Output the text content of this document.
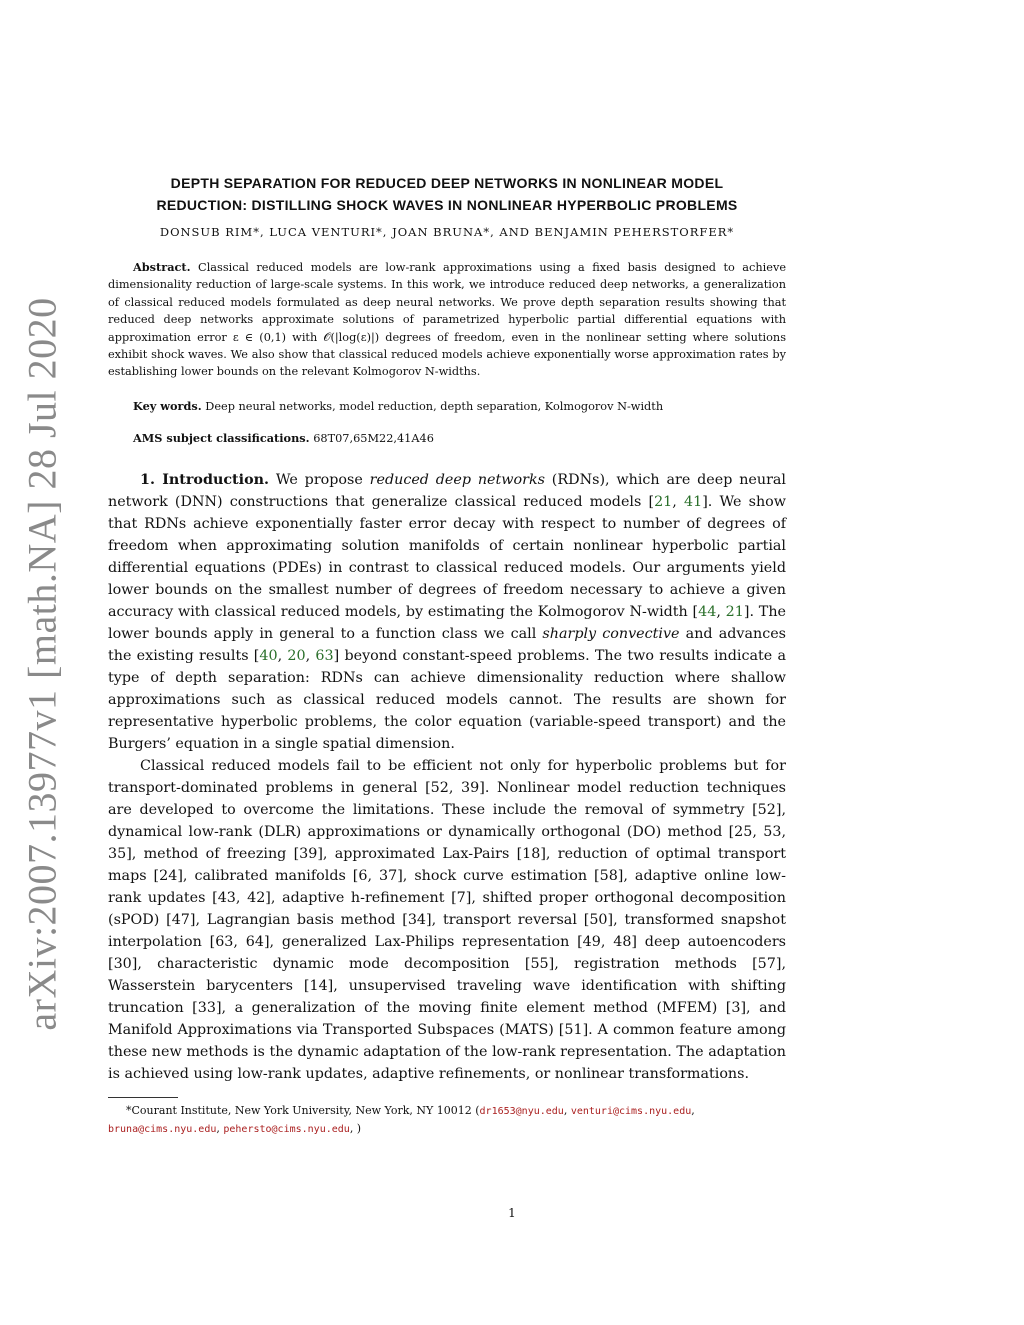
arXiv:2007.13977v1 [math.NA] 28 Jul 2020

DEPTH SEPARATION FOR REDUCED DEEP NETWORKS IN NONLINEAR MODEL
REDUCTION: DISTILLING SHOCK WAVES IN NONLINEAR HYPERBOLIC PROBLEMS

DONSUB RIM*, LUCA VENTURI*, JOAN BRUNA*, AND BENJAMIN PEHERSTORFER*
Abstract. Classical reduced models are low-rank approximations using a fixed basis designed to achieve dimensionality reduction of large-scale systems. In this work, we introduce reduced deep networks, a generalization of classical reduced models formulated as deep neural networks. We prove depth separation results showing that reduced deep networks approximate solutions of parametrized hyperbolic partial differential equations with approximation error ε ∈ (0,1) with 𝒪(|log(ε)|) degrees of freedom, even in the nonlinear setting where solutions exhibit shock waves. We also show that classical reduced models achieve exponentially worse approximation rates by establishing lower bounds on the relevant Kolmogorov N-widths.
Key words. Deep neural networks, model reduction, depth separation, Kolmogorov N-width
AMS subject classifications. 68T07,65M22,41A46

1. Introduction. We propose reduced deep networks (RDNs), which are deep neural network (DNN) constructions that generalize classical reduced models [21, 41]. We show that RDNs achieve exponentially faster error decay with respect to number of degrees of freedom when approximating solution manifolds of certain nonlinear hyperbolic partial differential equations (PDEs) in contrast to classical reduced models. Our arguments yield lower bounds on the smallest number of degrees of freedom necessary to achieve a given accuracy with classical reduced models, by estimating the Kolmogorov N-width [44, 21]. The lower bounds apply in general to a function class we call sharply convective and advances the existing results [40, 20, 63] beyond constant-speed problems. The two results indicate a type of depth separation: RDNs can achieve dimensionality reduction where shallow approximations such as classical reduced models cannot. The results are shown for representative hyperbolic problems, the color equation (variable-speed transport) and the Burgers’ equation in a single spatial dimension.

Classical reduced models fail to be efficient not only for hyperbolic problems but for transport-dominated problems in general [52, 39]. Nonlinear model reduction techniques are developed to overcome the limitations. These include the removal of symmetry [52], dynamical low-rank (DLR) approximations or dynamically orthogonal (DO) method [25, 53, 35], method of freezing [39], approximated Lax-Pairs [18], reduction of optimal transport maps [24], calibrated manifolds [6, 37], shock curve estimation [58], adaptive online low-rank updates [43, 42], adaptive h-refinement [7], shifted proper orthogonal decomposition (sPOD) [47], Lagrangian basis method [34], transport reversal [50], transformed snapshot interpolation [63, 64], generalized Lax-Philips representation [49, 48] deep autoencoders [30], characteristic dynamic mode decomposition [55], registration methods [57], Wasserstein barycenters [14], unsupervised traveling wave identification with shifting truncation [33], a generalization of the moving finite element method (MFEM) [3], and Manifold Approximations via Transported Subspaces (MATS) [51]. A common feature among these new methods is the dynamic adaptation of the low-rank representation. The adaptation is achieved using low-rank updates, adaptive refinements, or nonlinear transformations.

*Courant Institute, New York University, New York, NY 10012 (dr1653@nyu.edu, venturi@cims.nyu.edu, bruna@cims.nyu.edu, pehersto@cims.nyu.edu, )
1
